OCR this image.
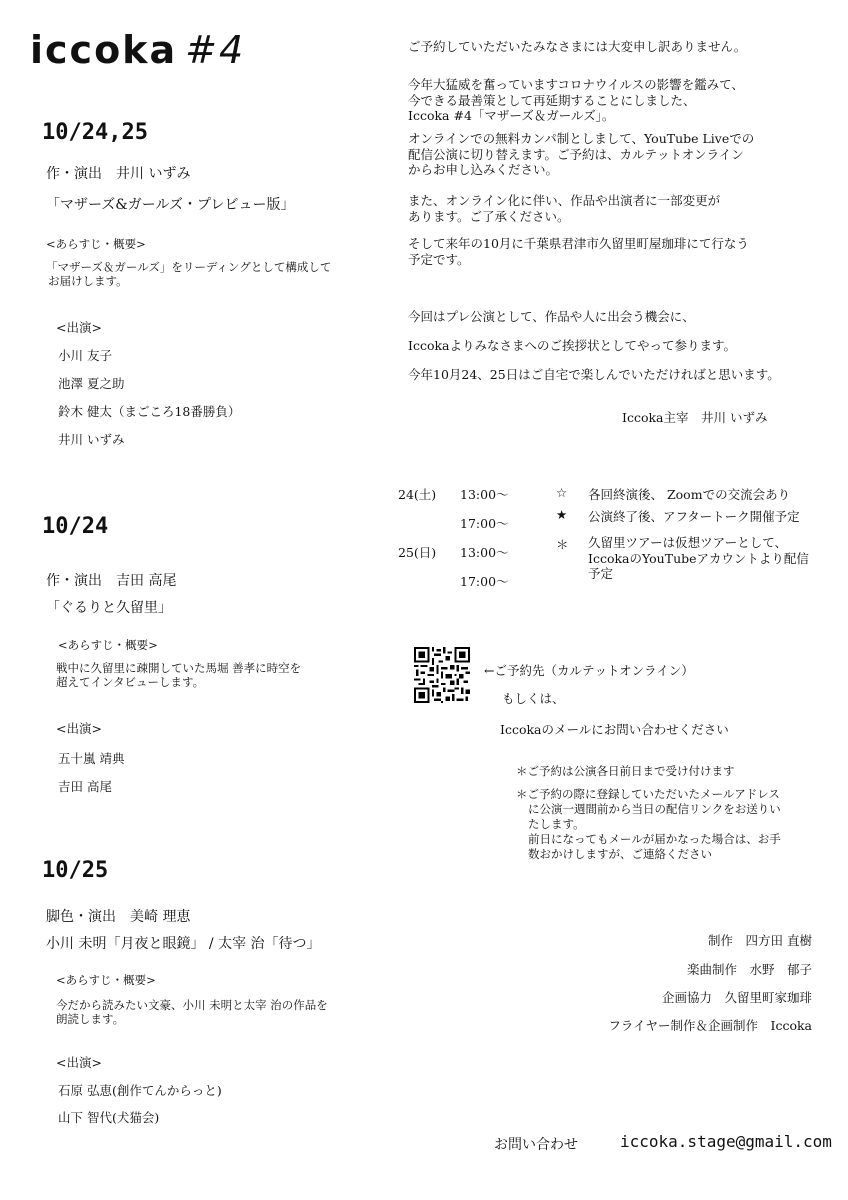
iccoka #4
10/24,25
作・演出　井川 いずみ
「マザーズ&ガールズ・プレビュー版」
<あらすじ・概要>
「マザーズ＆ガールズ」をリーディングとして構成して
お届けします。
<出演>
小川 友子
池澤 夏之助
鈴木 健太（まごころ18番勝負）
井川 いずみ
10/24
作・演出　吉田 高尾
「ぐるりと久留里」
<あらすじ・概要>
戦中に久留里に疎開していた馬堀 善孝に時空を
超えてインタビューします。
<出演>
五十嵐 靖典
吉田 高尾
10/25
脚色・演出　美崎 理恵
小川 未明「月夜と眼鏡」 / 太宰 治「待つ」
<あらすじ・概要>
今だから読みたい文豪、小川 未明と太宰 治の作品を
朗読します。
<出演>
石原 弘恵(創作てんからっと)
山下 智代(犬猫会)
ご予約していただいたみなさまには大変申し訳ありません。
今年大猛威を奮っていますコロナウイルスの影響を鑑みて、
今できる最善策として再延期することにしました、
Iccoka #4「マザーズ＆ガールズ」。
オンラインでの無料カンパ制としまして、YouTube Liveでの
配信公演に切り替えます。ご予約は、カルテットオンライン
からお申し込みください。
また、オンライン化に伴い、作品や出演者に一部変更が
あります。ご了承ください。
そして来年の10月に千葉県君津市久留里町屋珈琲にて行なう
予定です。
今回はプレ公演として、作品や人に出会う機会に、
Iccokaよりみなさまへのご挨拶状としてやって参ります。
今年10月24、25日はご自宅で楽しんでいただければと思います。
Iccoka主宰　井川 いずみ
24(土) 13:00～
17:00～
25(日) 13:00～
17:00～
☆ 各回終演後、 Zoomでの交流会あり
★ 公演終了後、アフタートーク開催予定
＊ 久留里ツアーは仮想ツアーとして、
IccokaのYouTubeアカウントより配信
予定
←ご予約先（カルテットオンライン）
もしくは、
Iccokaのメールにお問い合わせください
＊ご予約は公演各日前日まで受け付けます
＊ご予約の際に登録していただいたメールアドレス
に公演一週間前から当日の配信リンクをお送りい
たします。
前日になってもメールが届かなった場合は、お手
数おかけしますが、ご連絡ください
制作　四方田 直樹
楽曲制作　水野　郁子
企画協力　久留里町家珈琲
フライヤー制作＆企画制作　Iccoka
お問い合わせ	iccoka.stage@gmail.com
